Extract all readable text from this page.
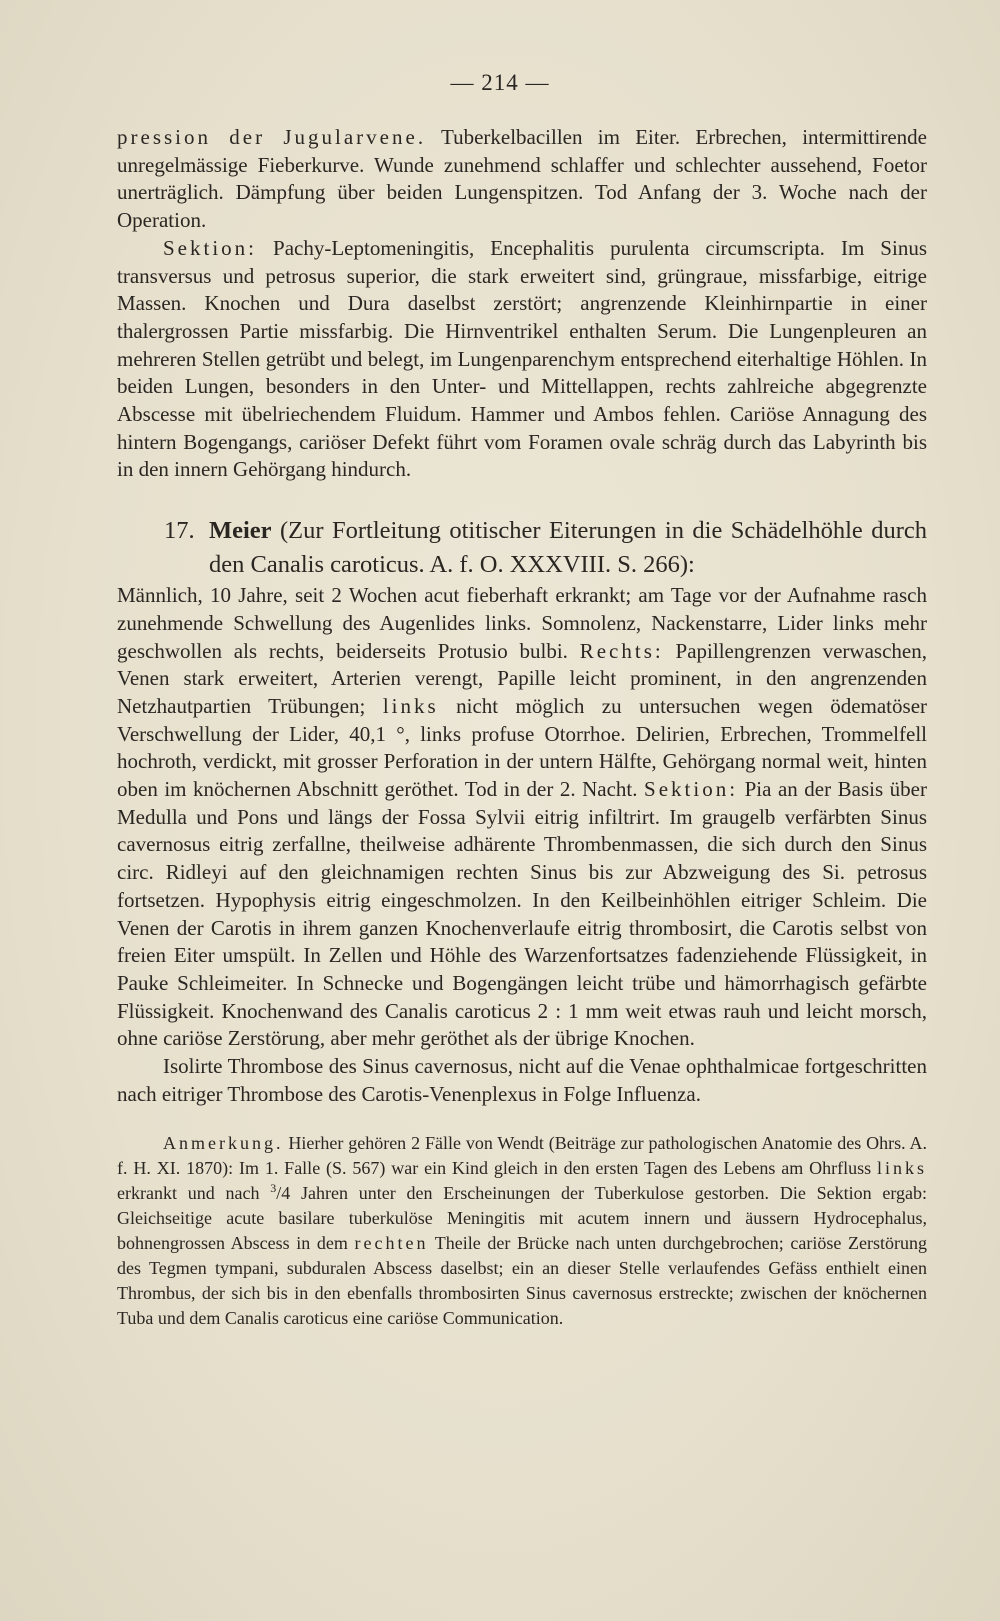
— 214 —

pression der Jugularvene. Tuberkelbacillen im Eiter. Erbrechen, intermittirende unregelmässige Fieberkurve. Wunde zunehmend schlaffer und schlechter aussehend, Foetor unerträglich. Dämpfung über beiden Lungenspitzen. Tod Anfang der 3. Woche nach der Operation.

Sektion: Pachy-Leptomeningitis, Encephalitis purulenta circumscripta. Im Sinus transversus und petrosus superior, die stark erweitert sind, grüngraue, missfarbige, eitrige Massen. Knochen und Dura daselbst zerstört; angrenzende Kleinhirnpartie in einer thalergrossen Partie missfarbig. Die Hirnventrikel enthalten Serum. Die Lungenpleuren an mehreren Stellen getrübt und belegt, im Lungenparenchym entsprechend eiterhaltige Höhlen. In beiden Lungen, besonders in den Unter- und Mittellappen, rechts zahlreiche abgegrenzte Abscesse mit übelriechendem Fluidum. Hammer und Ambos fehlen. Cariöse Annagung des hintern Bogengangs, cariöser Defekt führt vom Foramen ovale schräg durch das Labyrinth bis in den innern Gehörgang hindurch.

17. Meier (Zur Fortleitung otitischer Eiterungen in die Schädelhöhle durch den Canalis caroticus. A. f. O. XXXVIII. S. 266):

Männlich, 10 Jahre, seit 2 Wochen acut fieberhaft erkrankt; am Tage vor der Aufnahme rasch zunehmende Schwellung des Augenlides links. Somnolenz, Nackenstarre, Lider links mehr geschwollen als rechts, beiderseits Protusio bulbi. Rechts: Papillengrenzen verwaschen, Venen stark erweitert, Arterien verengt, Papille leicht prominent, in den angrenzenden Netzhautpartien Trübungen; links nicht möglich zu untersuchen wegen ödematöser Verschwellung der Lider, 40,1 °, links profuse Otorrhoe. Delirien, Erbrechen, Trommelfell hochroth, verdickt, mit grosser Perforation in der untern Hälfte, Gehörgang normal weit, hinten oben im knöchernen Abschnitt geröthet. Tod in der 2. Nacht. Sektion: Pia an der Basis über Medulla und Pons und längs der Fossa Sylvii eitrig infiltrirt. Im graugelb verfärbten Sinus cavernosus eitrig zerfallne, theilweise adhärente Thrombenmassen, die sich durch den Sinus circ. Ridleyi auf den gleichnamigen rechten Sinus bis zur Abzweigung des Si. petrosus fortsetzen. Hypophysis eitrig eingeschmolzen. In den Keilbeinhöhlen eitriger Schleim. Die Venen der Carotis in ihrem ganzen Knochenverlaufe eitrig thrombosirt, die Carotis selbst von freien Eiter umspült. In Zellen und Höhle des Warzenfortsatzes fadenziehende Flüssigkeit, in Pauke Schleimeiter. In Schnecke und Bogengängen leicht trübe und hämorrhagisch gefärbte Flüssigkeit. Knochenwand des Canalis caroticus 2 : 1 mm weit etwas rauh und leicht morsch, ohne cariöse Zerstörung, aber mehr geröthet als der übrige Knochen.

Isolirte Thrombose des Sinus cavernosus, nicht auf die Venae ophthalmicae fortgeschritten nach eitriger Thrombose des Carotis-Venenplexus in Folge Influenza.

Anmerkung. Hierher gehören 2 Fälle von Wendt (Beiträge zur pathologischen Anatomie des Ohrs. A. f. H. XI. 1870): Im 1. Falle (S. 567) war ein Kind gleich in den ersten Tagen des Lebens am Ohrfluss links erkrankt und nach $^3$/4 Jahren unter den Erscheinungen der Tuberkulose gestorben. Die Sektion ergab: Gleichseitige acute basilare tuberkulöse Meningitis mit acutem innern und äussern Hydrocephalus, bohnengrossen Abscess in dem rechten Theile der Brücke nach unten durchgebrochen; cariöse Zerstörung des Tegmen tympani, subduralen Abscess daselbst; ein an dieser Stelle verlaufendes Gefäss enthielt einen Thrombus, der sich bis in den ebenfalls thrombosirten Sinus cavernosus erstreckte; zwischen der knöchernen Tuba und dem Canalis caroticus eine cariöse Communication.
